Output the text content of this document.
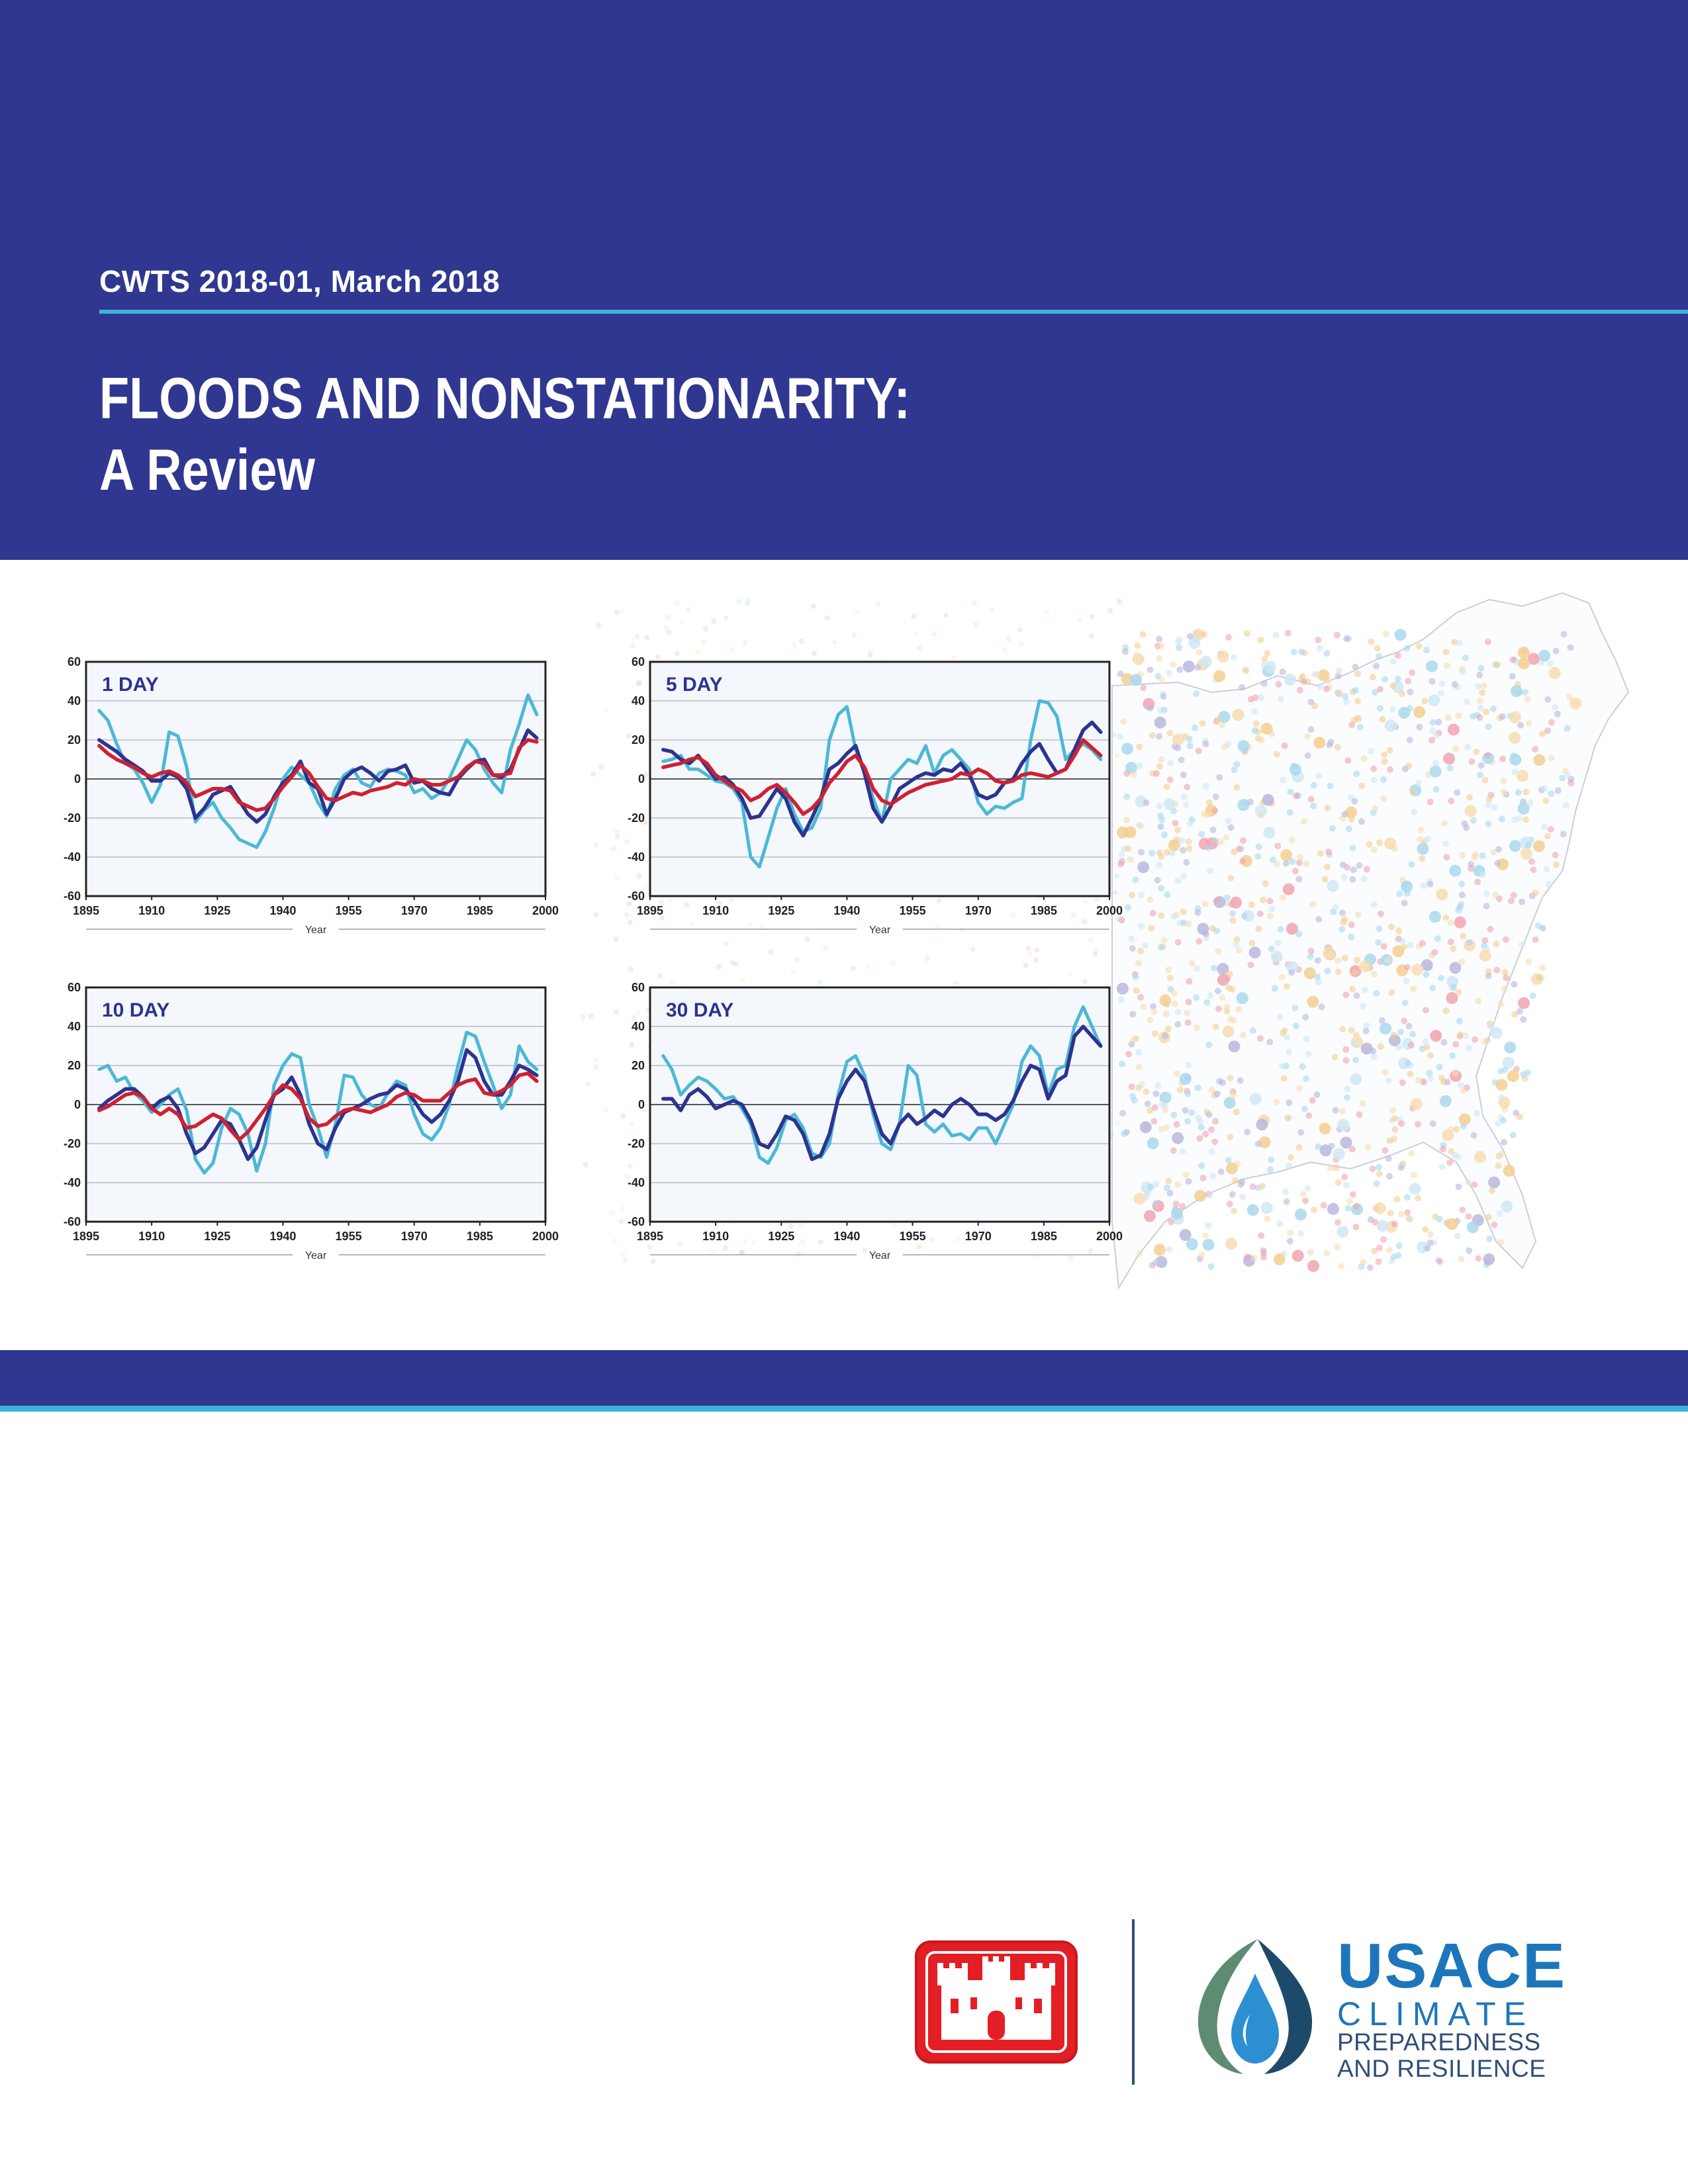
CWTS 2018-01, March 2018
FLOODS AND NONSTATIONARITY:
A Review
60
40
20
0
-20
-40
-60
1895	1910	1925	1940	1955	1970	1985	2000
Year
1 DAY
60
40
20
0
-20
-40
-60
1895	1910	1925	1940	1955	1970	1985	2000
Year
5 DAY
60
40
20
0
-20
-40
-60
1895	1910	1925	1940	1955	1970	1985	2000
Year
10 DAY
60
40
20
0
-20
-40
-60
1895	1910	1925	1940	1955	1970	1985	2000
Year
30 DAY
USACE
CLIMATE
PREPAREDNESS
AND RESILIENCE
